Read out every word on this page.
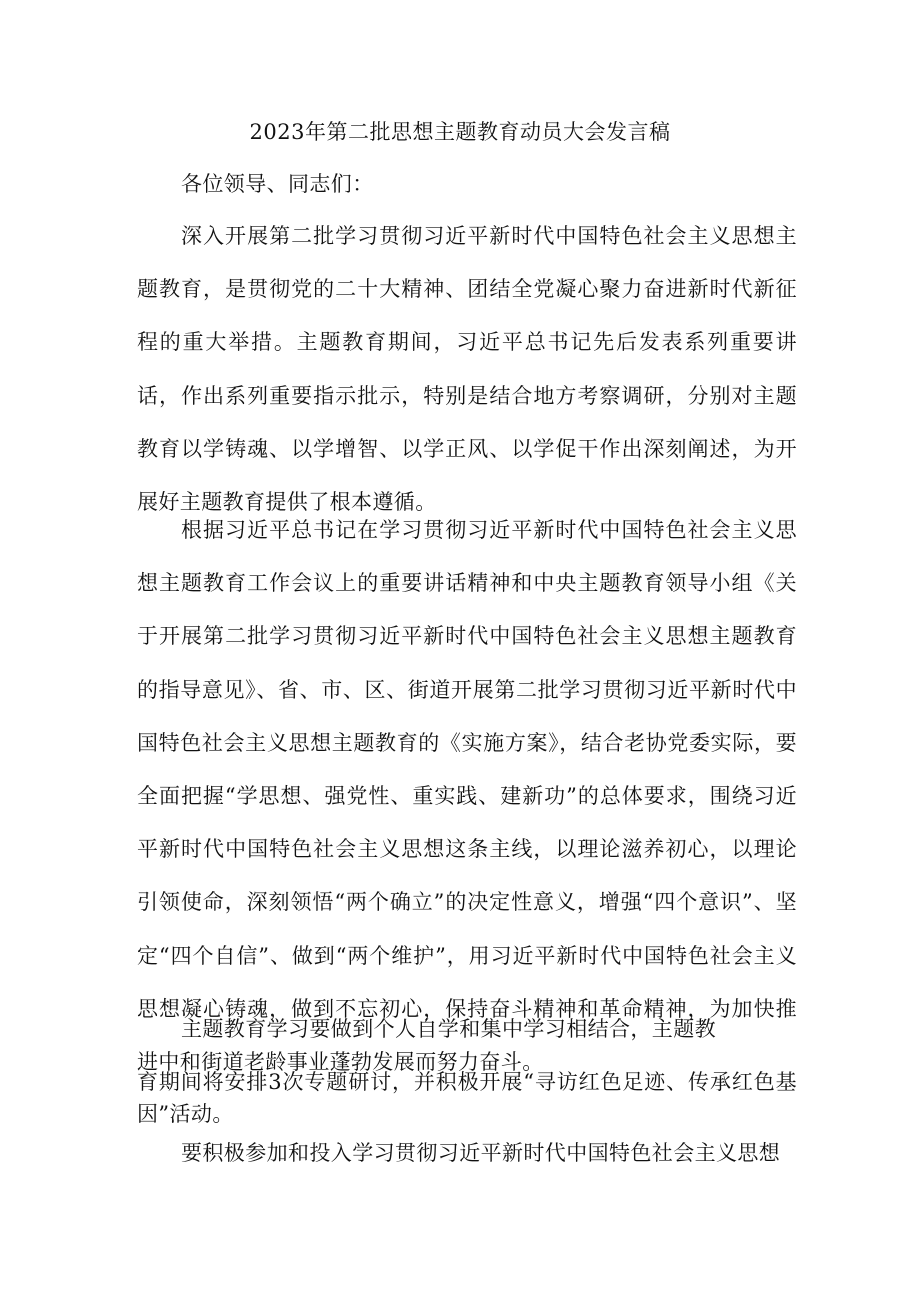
2023年第二批思想主题教育动员大会发言稿

各位领导、同志们：

深入开展第二批学习贯彻习近平新时代中国特色社会主义思想主题教育，是贯彻党的二十大精神、团结全党凝心聚力奋进新时代新征程的重大举措。主题教育期间，习近平总书记先后发表系列重要讲话，作出系列重要指示批示，特别是结合地方考察调研，分别对主题教育以学铸魂、以学增智、以学正风、以学促干作出深刻阐述，为开展好主题教育提供了根本遵循。

根据习近平总书记在学习贯彻习近平新时代中国特色社会主义思想主题教育工作会议上的重要讲话精神和中央主题教育领导小组《关于开展第二批学习贯彻习近平新时代中国特色社会主义思想主题教育的指导意见》、省、市、区、街道开展第二批学习贯彻习近平新时代中国特色社会主义思想主题教育的《实施方案》，结合老协党委实际，要全面把握“学思想、强党性、重实践、建新功”的总体要求，围绕习近平新时代中国特色社会主义思想这条主线，以理论滋养初心，以理论引领使命，深刻领悟“两个确立”的决定性意义，增强“四个意识”、坚定“四个自信”、做到“两个维护”，用习近平新时代中国特色社会主义思想凝心铸魂，做到不忘初心，保持奋斗精神和革命精神，为加快推进中和街道老龄事业蓬勃发展而努力奋斗。

主题教育学习要做到个人自学和集中学习相结合，主题教

育期间将安排3次专题研讨，并积极开展“寻访红色足迹、传承红色基因”活动。

要积极参加和投入学习贯彻习近平新时代中国特色社会主义思想
